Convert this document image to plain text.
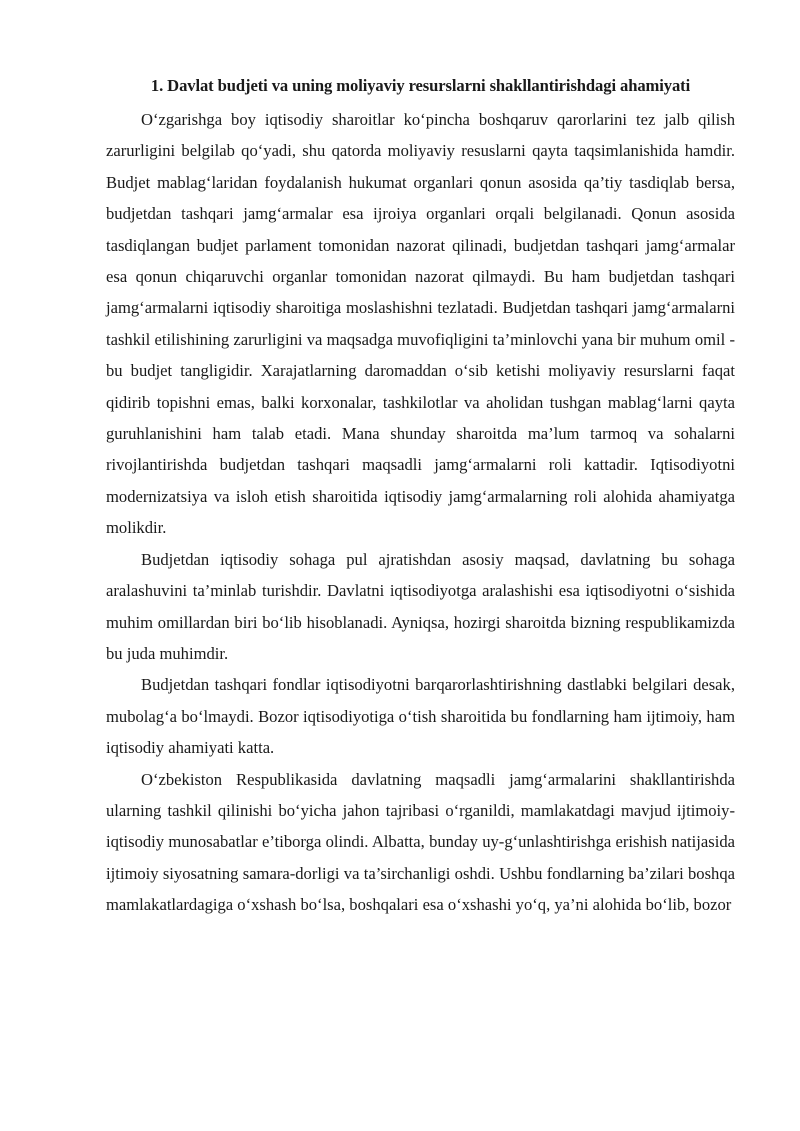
1. Davlat budjeti va uning moliyaviy resurslarni shakllantirishdagi ahamiyati

O‘zgarishga boy iqtisodiy sharoitlar ko‘pincha boshqaruv qarorlarini tez jalb qilish zarurligini belgilab qo‘yadi, shu qatorda moliyaviy resuslarni qayta taqsimlanishida hamdir. Budjet mablag‘laridan foydalanish hukumat organlari qonun asosida qa’tiy tasdiqlab bersa, budjetdan tashqari jamg‘armalar esa ijroiya organlari orqali belgilanadi. Qonun asosida tasdiqlangan budjet parlament tomonidan nazorat qilinadi, budjetdan tashqari jamg‘armalar esa qonun chiqaruvchi organlar tomonidan nazorat qilmaydi. Bu ham budjetdan tashqari jamg‘armalarni iqtisodiy sharoitiga moslashishni tezlatadi. Budjetdan tashqari jamg‘armalarni tashkil etilishining zarurligini va maqsadga muvofiqligini ta’minlovchi yana bir muhum omil - bu budjet tangligidir. Xarajatlarning daromaddan o‘sib ketishi moliyaviy resurslarni faqat qidirib topishni emas, balki korxonalar, tashkilotlar va aholidan tushgan mablag‘larni qayta guruhlanishini ham talab etadi. Mana shunday sharoitda ma’lum tarmoq va sohalarni rivojlantirishda budjetdan tashqari maqsadli jamg‘armalarni roli kattadir. Iqtisodiyotni modernizatsiya va isloh etish sharoitida iqtisodiy jamg‘armalarning roli alohida ahamiyatga molikdir.

Budjetdan iqtisodiy sohaga pul ajratishdan asosiy maqsad, davlatning bu sohaga aralashuvini ta’minlab turishdir. Davlatni iqtisodiyotga aralashishi esa iqtisodiyotni o‘sishida muhim omillardan biri bo‘lib hisoblanadi. Ayniqsa, hozirgi sharoitda bizning respublikamizda bu juda muhimdir.

Budjetdan tashqari fondlar iqtisodiyotni barqarorlashtirishning dastlabki belgilari desak, mubolag‘a bo‘lmaydi. Bozor iqtisodiyotiga o‘tish sharoitida bu fondlarning ham ijtimoiy, ham iqtisodiy ahamiyati katta.

O‘zbekiston Respublikasida davlatning maqsadli jamg‘armalarini shakllantirishda ularning tashkil qilinishi bo‘yicha jahon tajribasi o‘rganildi, mamlakatdagi mavjud ijtimoiy-iqtisodiy munosabatlar e’tiborga olindi. Albatta, bunday uy-g‘unlashtirishga erishish natijasida ijtimoiy siyosatning samara-dorligi va ta’sirchanligi oshdi. Ushbu fondlarning ba’zilari boshqa mamlakatlardagiga o‘xshash bo‘lsa, boshqalari esa o‘xshashi yo‘q, ya’ni alohida bo‘lib, bozor
